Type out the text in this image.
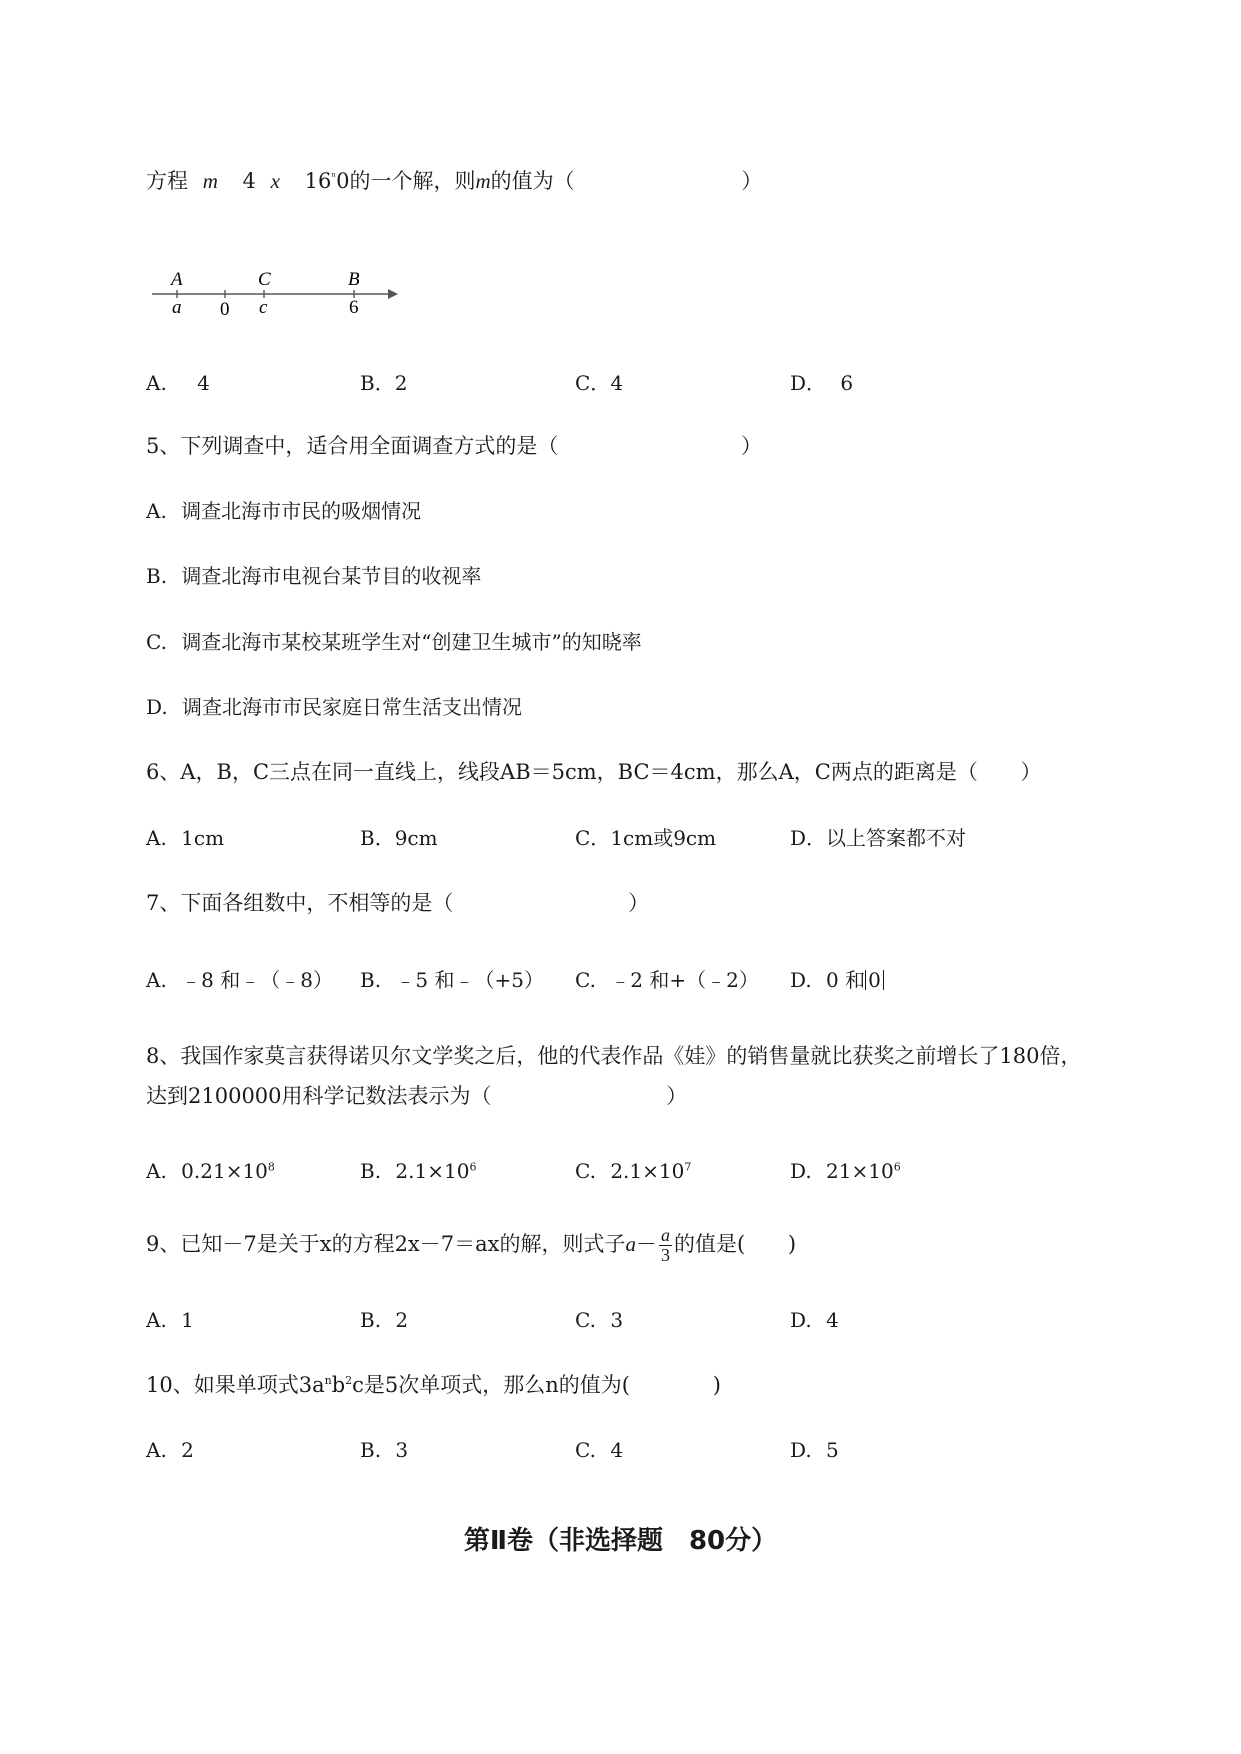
方程 m 4 x $16^{^n}0$的一个解，则m的值为（	）
A	C	B
a 0 c	6
A. 4	B．2	C．4	D． 6
5、下列调查中，适合用全面调查方式的是（	）
A. 调查北海市市民的吸烟情况
B. 调查北海市电视台某节目的收视率
C. 调查北海市某校某班学生对“创建卫生城市”的知晓率
D. 调查北海市市民家庭日常生活支出情况
6、A，B，C三点在同一直线上，线段AB＝5cm，BC＝4cm，那么A，C两点的距离是（ ）
A. 1cm	B．9cm	C．1cm或9cm	D．以上答案都不对
7、下面各组数中，不相等的是（	）
A. ﹣8 和﹣（﹣8） B. ﹣5 和﹣（+5） C. ﹣2 和+（﹣2） D. 0 和 0
8、我国作家莫言获得诺贝尔文学奖之后，他的代表作品《娃》的销售量就比获奖之前增长了180倍，
达到2100000用科学记数法表示为（	）
A. $0.21\times 10^8$	B. $2.1\times 10^6$	C. $2.1\times 10^7$	D. $21\times 10^6$
9、已知－7是关于x的方程2x－7＝ax的解，则式子$a- \frac{a}{3}$ 的值是( )
A. 1	B. 2	C. 3	D. 4
10、如果单项式$3a^nb^2c$是5次单项式，那么n的值为(	)
A. 2	B. 3	C. 4	D. 5
第Ⅱ卷（非选择题　80分）
